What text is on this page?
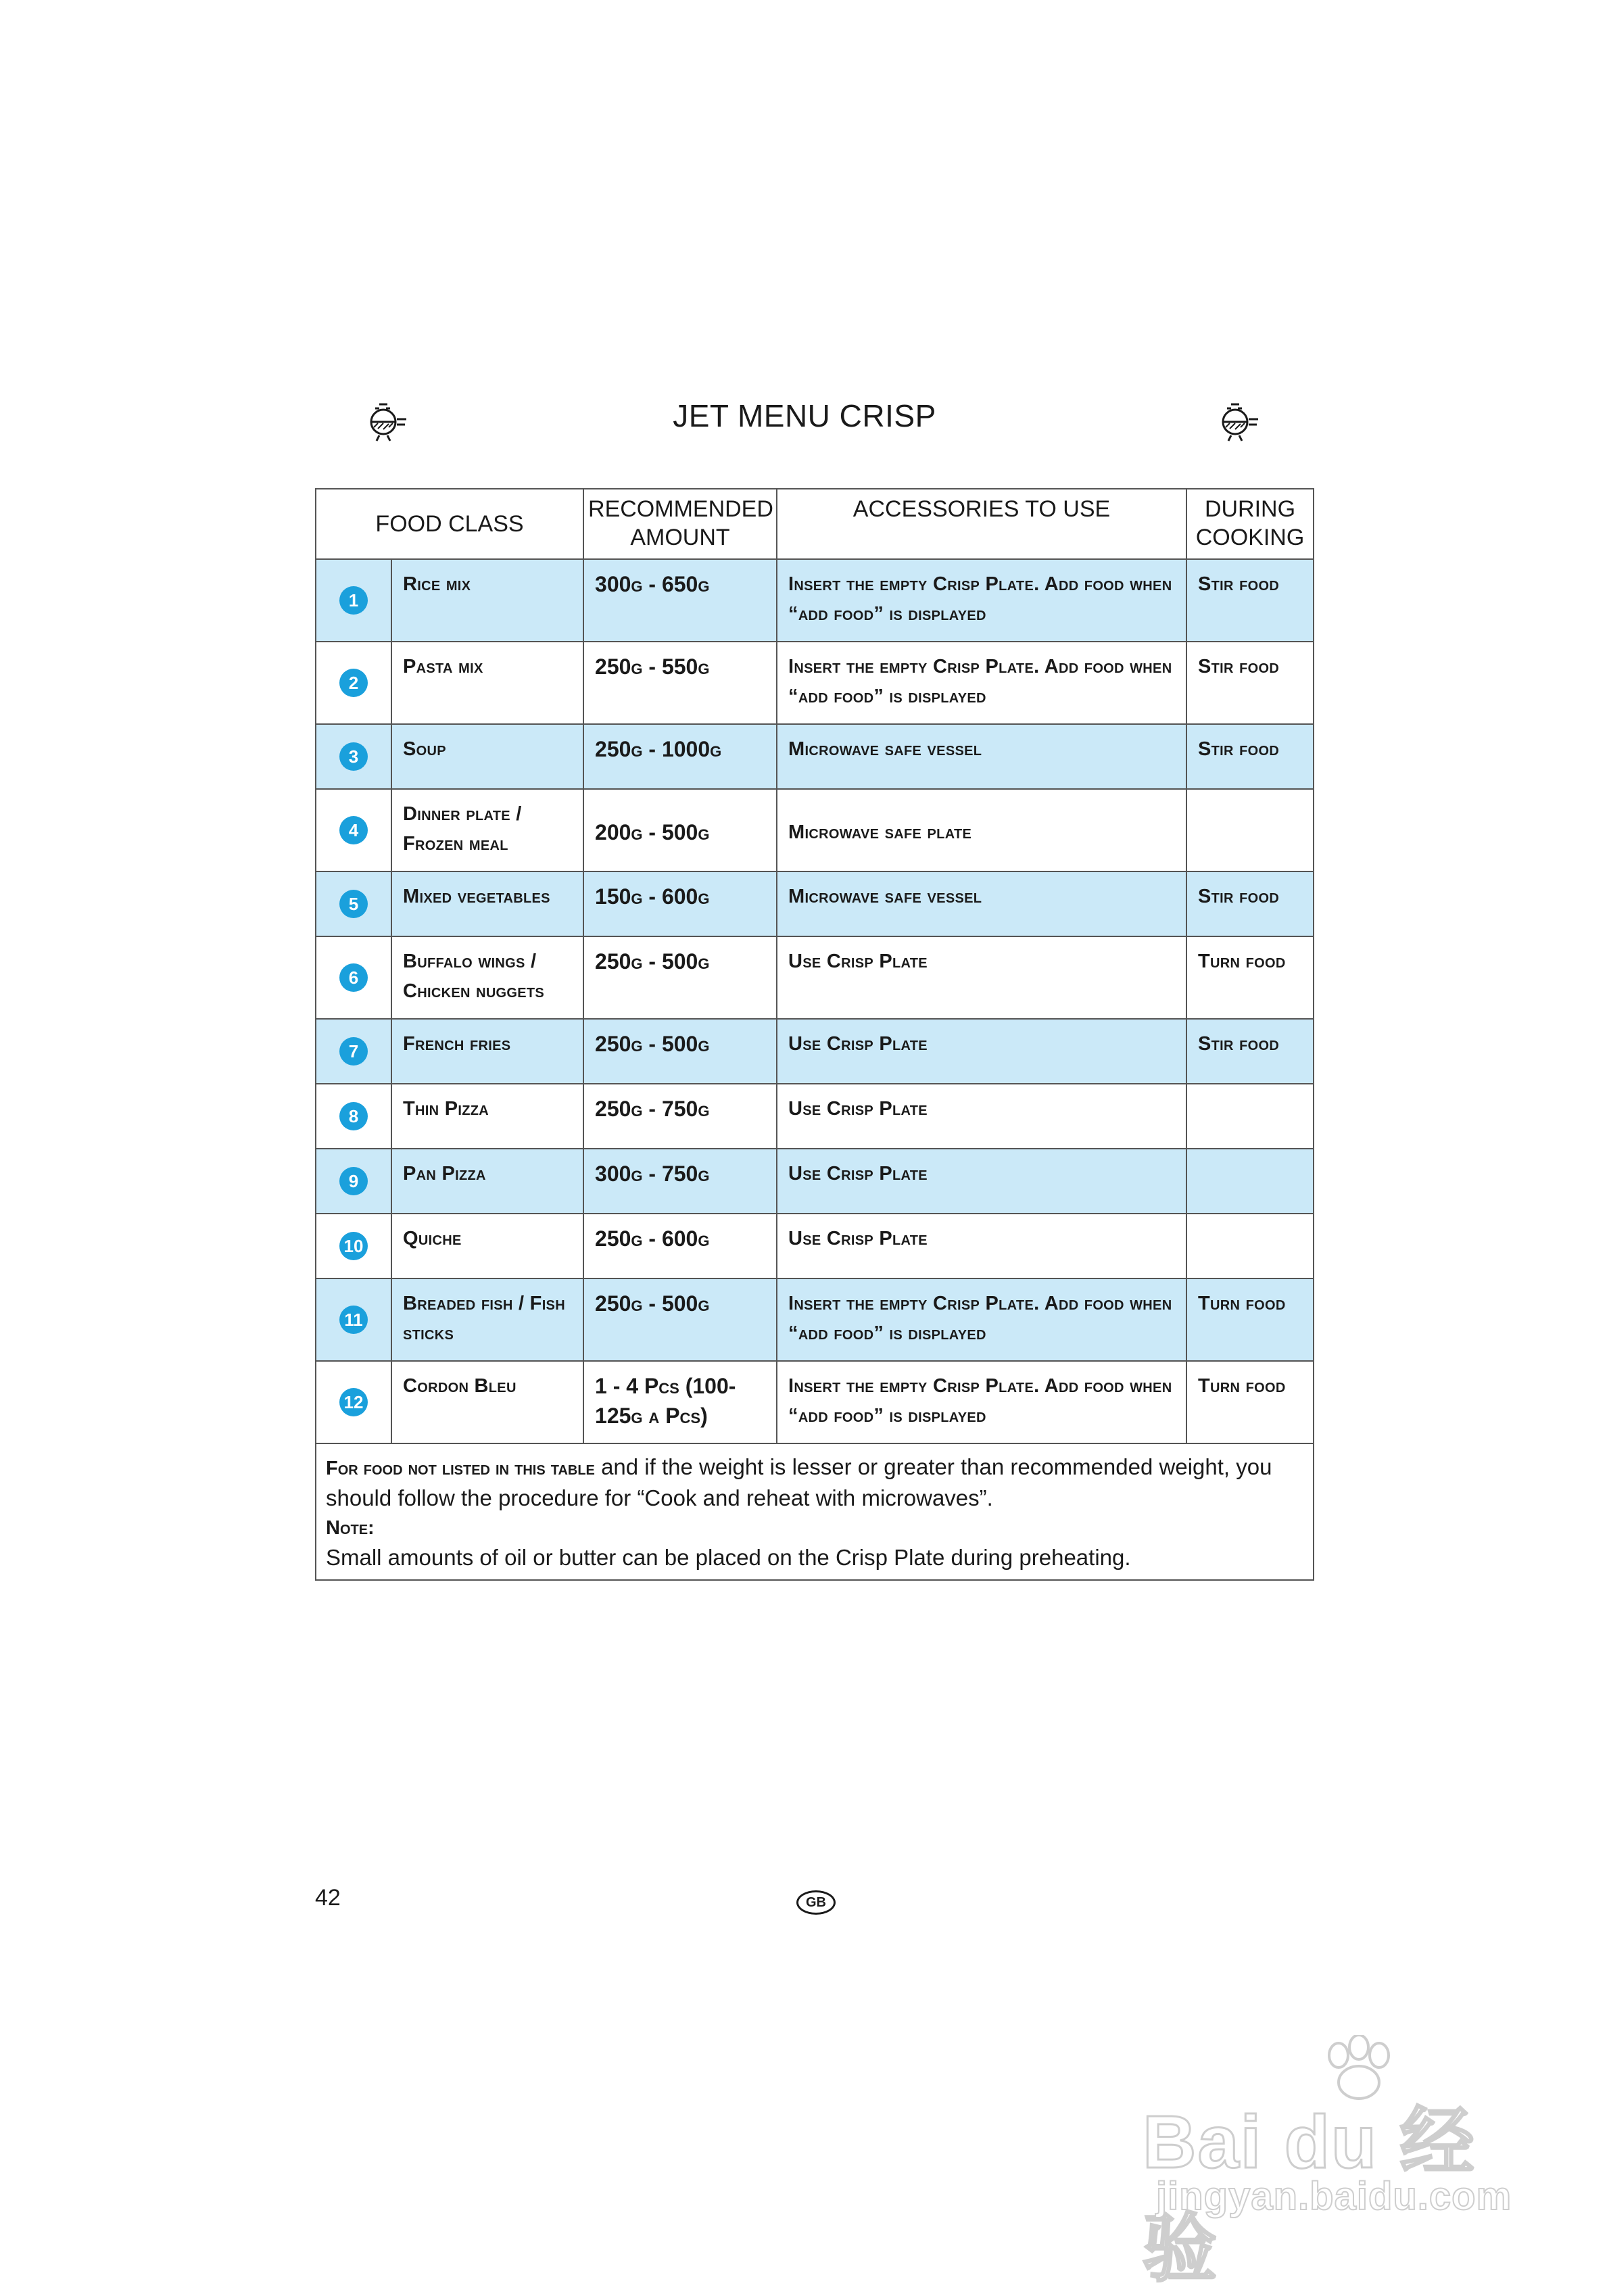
JET MENU CRISP
FOOD CLASS		RECOMMENDED AMOUNT	ACCESSORIES TO USE	DURING COOKING
1	Rice mix	300g - 650g	Insert the empty Crisp Plate. Add food when “add food” is displayed	Stir food

2	Pasta mix	250g - 550g	Insert the empty Crisp Plate. Add food when “add food” is displayed	Stir food

3	Soup	250g - 1000g	Microwave safe vessel	Stir food

4	Dinner plate / Frozen meal	200g - 500g	Microwave safe plate	

5	Mixed vegetables	150g - 600g	Microwave safe vessel	Stir food

6	Buffalo wings / Chicken nuggets	250g - 500g	Use Crisp Plate	Turn food

7	French fries	250g - 500g	Use Crisp Plate	Stir food

8	Thin Pizza	250g - 750g	Use Crisp Plate	

9	Pan Pizza	300g - 750g	Use Crisp Plate	

10	Quiche	250g - 600g	Use Crisp Plate	

11	Breaded fish / Fish sticks	250g - 500g	Insert the empty Crisp Plate. Add food when “add food” is displayed	Turn food

12	Cordon Bleu	1 - 4 Pcs (100-125g a Pcs)	Insert the empty Crisp Plate. Add food when “add food” is displayed	Turn food

For food not listed in this table and if the weight is lesser or greater than recommended weight, you should follow the procedure for “Cook and reheat with microwaves”.
Note:
Small amounts of oil or butter can be placed on the Crisp Plate during preheating.				
42	GB
Bai du 经验
jingyan.baidu.com
